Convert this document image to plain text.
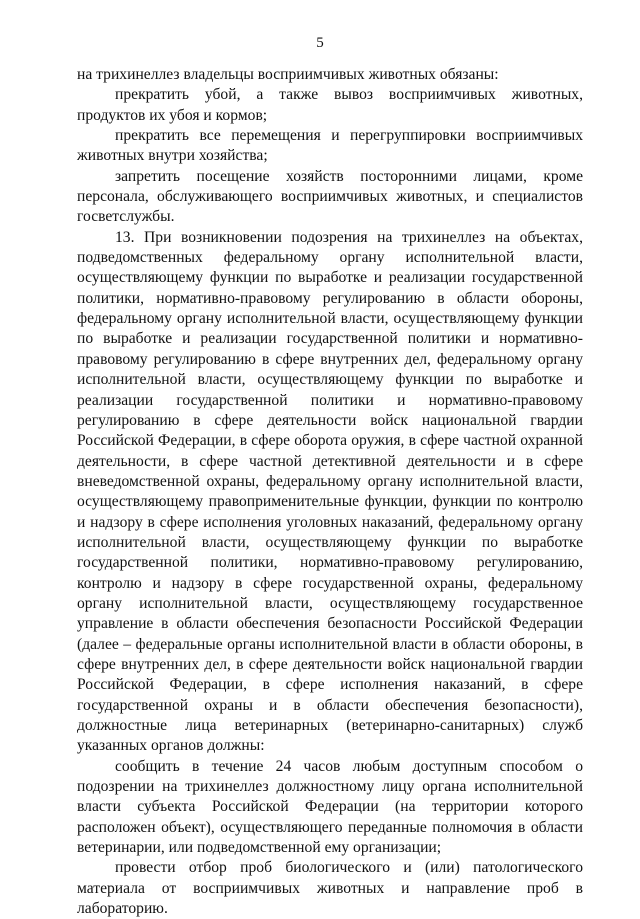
5

на трихинеллез владельцы восприимчивых животных обязаны:

прекратить убой, а также вывоз восприимчивых животных, продуктов их убоя и кормов;

прекратить все перемещения и перегруппировки восприимчивых животных внутри хозяйства;

запретить посещение хозяйств посторонними лицами, кроме персонала, обслуживающего восприимчивых животных, и специалистов госветслужбы.

13. При возникновении подозрения на трихинеллез на объектах, подведомственных федеральному органу исполнительной власти, осуществляющему функции по выработке и реализации государственной политики, нормативно-правовому регулированию в области обороны, федеральному органу исполнительной власти, осуществляющему функции по выработке и реализации государственной политики и нормативно-правовому регулированию в сфере внутренних дел, федеральному органу исполнительной власти, осуществляющему функции по выработке и реализации государственной политики и нормативно-правовому регулированию в сфере деятельности войск национальной гвардии Российской Федерации, в сфере оборота оружия, в сфере частной охранной деятельности, в сфере частной детективной деятельности и в сфере вневедомственной охраны, федеральному органу исполнительной власти, осуществляющему правоприменительные функции, функции по контролю и надзору в сфере исполнения уголовных наказаний, федеральному органу исполнительной власти, осуществляющему функции по выработке государственной политики, нормативно-правовому регулированию, контролю и надзору в сфере государственной охраны, федеральному органу исполнительной власти, осуществляющему государственное управление в области обеспечения безопасности Российской Федерации (далее – федеральные органы исполнительной власти в области обороны, в сфере внутренних дел, в сфере деятельности войск национальной гвардии Российской Федерации, в сфере исполнения наказаний, в сфере государственной охраны и в области обеспечения безопасности), должностные лица ветеринарных (ветеринарно-санитарных) служб указанных органов должны:

сообщить в течение 24 часов любым доступным способом о подозрении на трихинеллез должностному лицу органа исполнительной власти субъекта Российской Федерации (на территории которого расположен объект), осуществляющего переданные полномочия в области ветеринарии, или подведомственной ему организации;

провести отбор проб биологического и (или) патологического материала от восприимчивых животных и направление проб в лабораторию.
